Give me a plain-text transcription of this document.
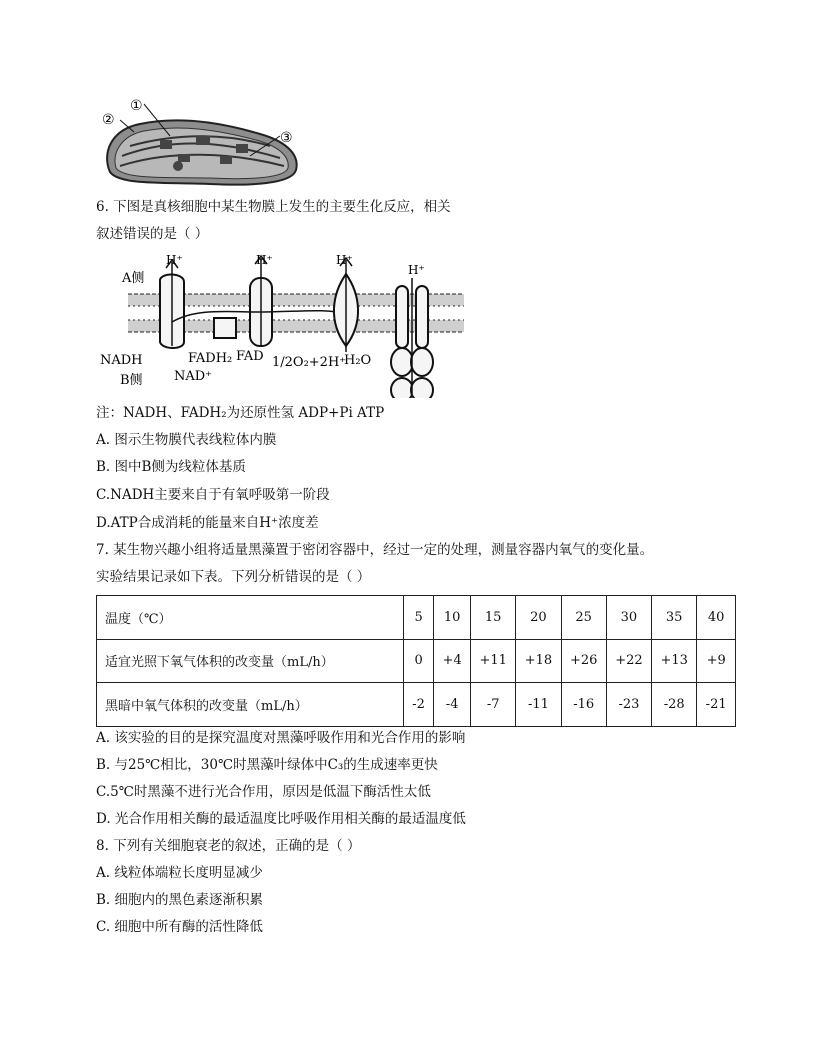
①
②
③
6. 下图是真核细胞中某生物膜上发生的主要生化反应，相关
叙述错误的是（ ）
A侧
B侧
H⁺	H⁺	H⁺
H⁺
NADH
NAD⁺
FADH₂ FAD 1/2O₂+2H⁺
H₂O
注：NADH、FADH₂为还原性氢 ADP+Pi ATP
A. 图示生物膜代表线粒体内膜
B. 图中B侧为线粒体基质
C.NADH主要来自于有氧呼吸第一阶段
D.ATP合成消耗的能量来自H⁺浓度差
7. 某生物兴趣小组将适量黑藻置于密闭容器中，经过一定的处理，测量容器内氧气的变化量。
实验结果记录如下表。下列分析错误的是（ ）
温度（℃）	5	10	15	20	25	30	35	40
适宜光照下氧气体积的改变量（mL/h）	0	+4	+11	+18	+26	+22	+13	+9
黑暗中氧气体积的改变量（mL/h）	-2	-4	-7	-11	-16	-23	-28	-21
A. 该实验的目的是探究温度对黑藻呼吸作用和光合作用的影响
B. 与25℃相比，30℃时黑藻叶绿体中C₃的生成速率更快
C.5℃时黑藻不进行光合作用，原因是低温下酶活性太低
D. 光合作用相关酶的最适温度比呼吸作用相关酶的最适温度低
8. 下列有关细胞衰老的叙述，正确的是（ ）
A. 线粒体端粒长度明显减少
B. 细胞内的黑色素逐渐积累
C. 细胞中所有酶的活性降低
